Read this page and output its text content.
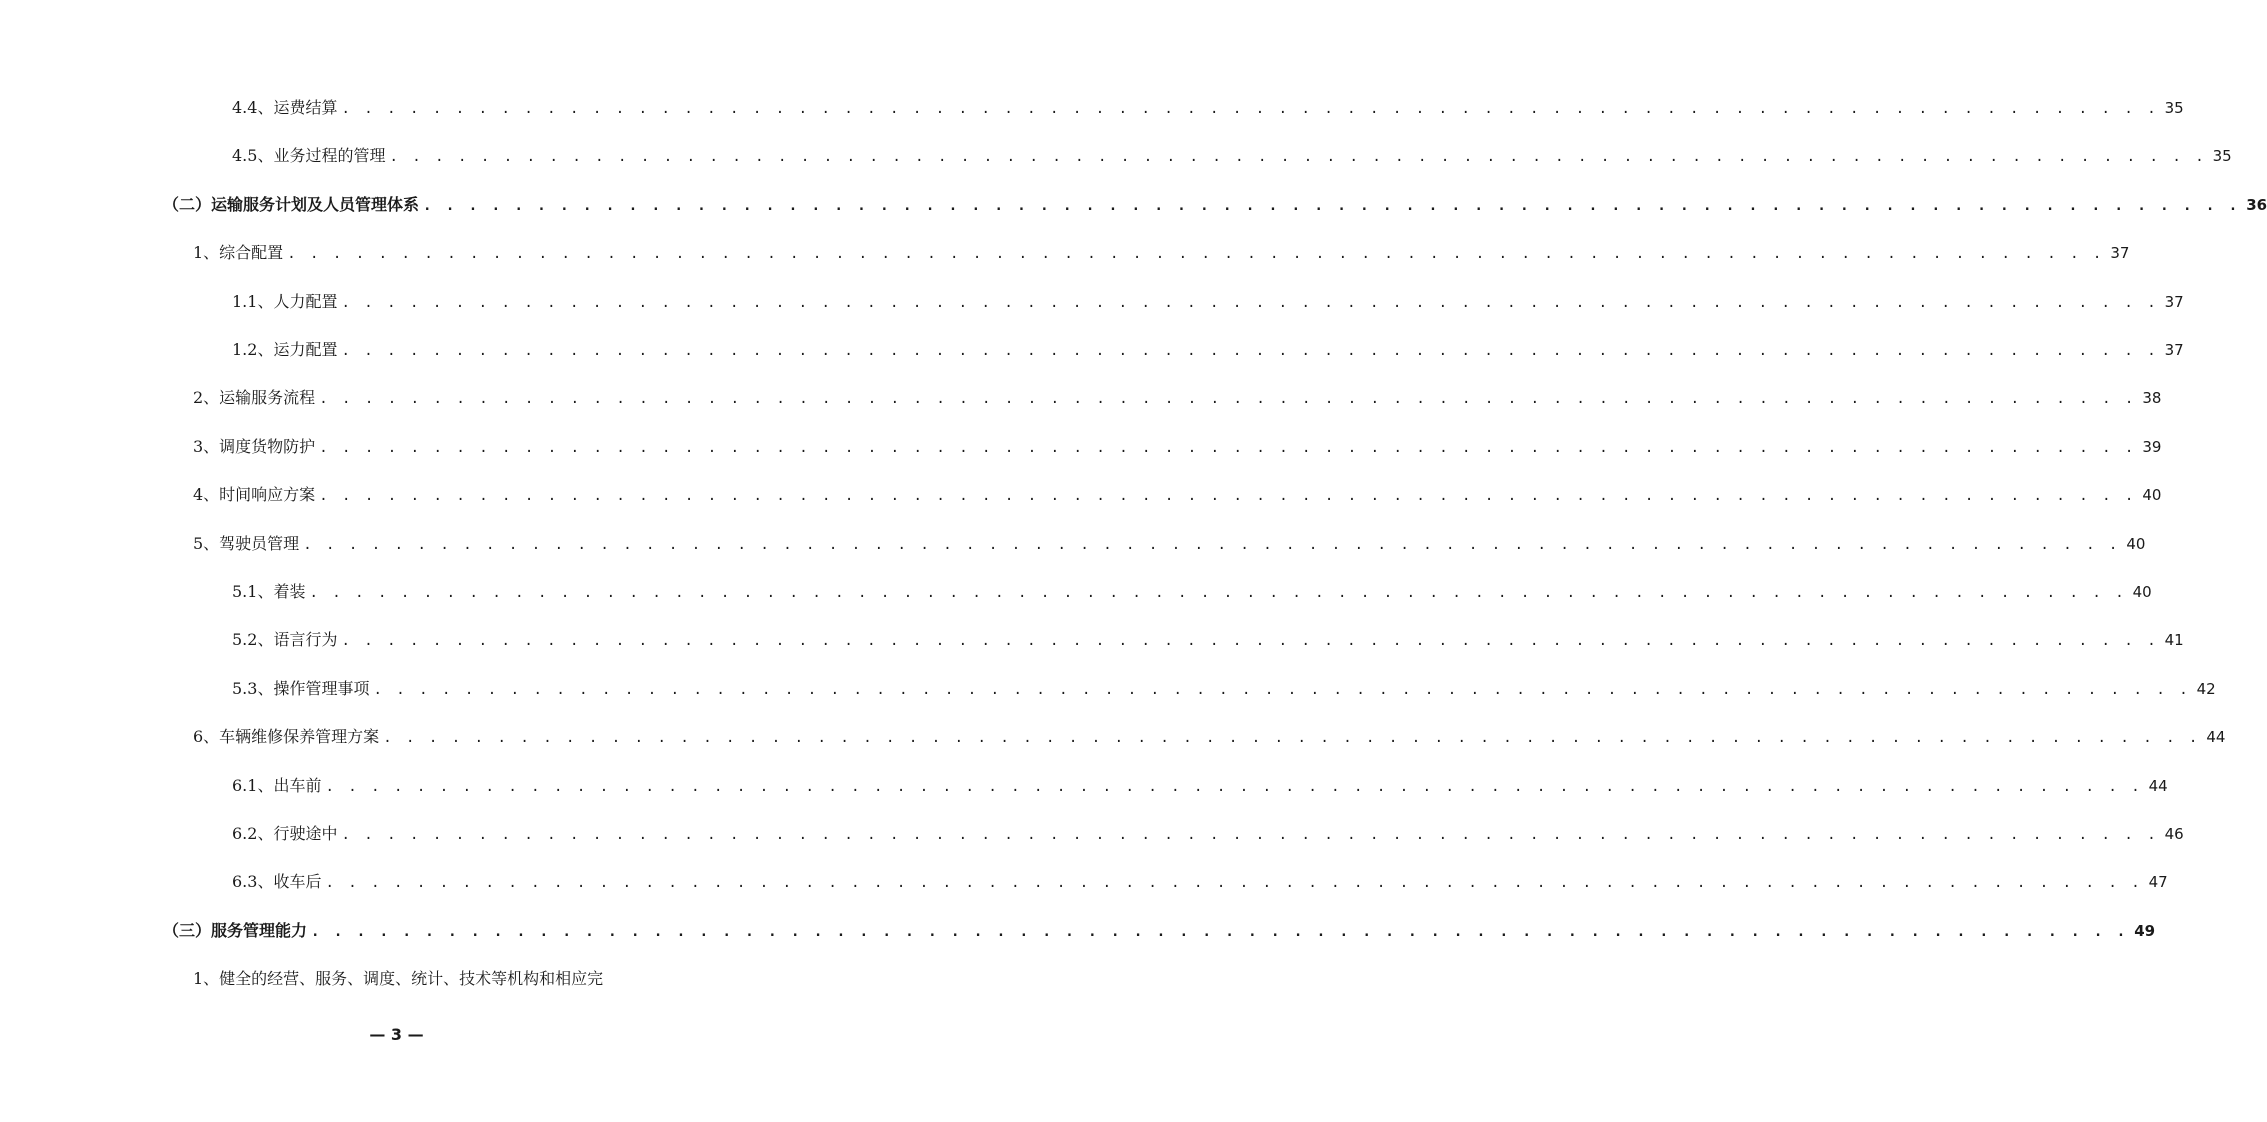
4.4、运费结算 . . . . . . . . . . . . . . . . . . . . . . . . . . . . . . . . . . . . . . . . . . . . . . . . . . . . . . . . . . . . . . . . . . . . . . . . . . . . . . . . 35
4.5、业务过程的管理 . . . . . . . . . . . . . . . . . . . . . . . . . . . . . . . . . . . . . . . . . . . . . . . . . . . . . . . . . . . . . . . . . . . . . . . . . . . . . . . . 35
（二）运输服务计划及人员管理体系 . . . . . . . . . . . . . . . . . . . . . . . . . . . . . . . . . . . . . . . . . . . . . . . . . . . . . . . . . . . . . . . . . . . . . . . . . . . . . . . . 36
1、综合配置 . . . . . . . . . . . . . . . . . . . . . . . . . . . . . . . . . . . . . . . . . . . . . . . . . . . . . . . . . . . . . . . . . . . . . . . . . . . . . . . . 37
1.1、人力配置 . . . . . . . . . . . . . . . . . . . . . . . . . . . . . . . . . . . . . . . . . . . . . . . . . . . . . . . . . . . . . . . . . . . . . . . . . . . . . . . . 37
1.2、运力配置 . . . . . . . . . . . . . . . . . . . . . . . . . . . . . . . . . . . . . . . . . . . . . . . . . . . . . . . . . . . . . . . . . . . . . . . . . . . . . . . . 37
2、运输服务流程 . . . . . . . . . . . . . . . . . . . . . . . . . . . . . . . . . . . . . . . . . . . . . . . . . . . . . . . . . . . . . . . . . . . . . . . . . . . . . . . . 38
3、调度货物防护 . . . . . . . . . . . . . . . . . . . . . . . . . . . . . . . . . . . . . . . . . . . . . . . . . . . . . . . . . . . . . . . . . . . . . . . . . . . . . . . . 39
4、时间响应方案 . . . . . . . . . . . . . . . . . . . . . . . . . . . . . . . . . . . . . . . . . . . . . . . . . . . . . . . . . . . . . . . . . . . . . . . . . . . . . . . . 40
5、驾驶员管理 . . . . . . . . . . . . . . . . . . . . . . . . . . . . . . . . . . . . . . . . . . . . . . . . . . . . . . . . . . . . . . . . . . . . . . . . . . . . . . . . 40
5.1、着装 . . . . . . . . . . . . . . . . . . . . . . . . . . . . . . . . . . . . . . . . . . . . . . . . . . . . . . . . . . . . . . . . . . . . . . . . . . . . . . . . 40
5.2、语言行为 . . . . . . . . . . . . . . . . . . . . . . . . . . . . . . . . . . . . . . . . . . . . . . . . . . . . . . . . . . . . . . . . . . . . . . . . . . . . . . . . 41
5.3、操作管理事项 . . . . . . . . . . . . . . . . . . . . . . . . . . . . . . . . . . . . . . . . . . . . . . . . . . . . . . . . . . . . . . . . . . . . . . . . . . . . . . . . 42
6、车辆维修保养管理方案 . . . . . . . . . . . . . . . . . . . . . . . . . . . . . . . . . . . . . . . . . . . . . . . . . . . . . . . . . . . . . . . . . . . . . . . . . . . . . . . . 44
6.1、出车前 . . . . . . . . . . . . . . . . . . . . . . . . . . . . . . . . . . . . . . . . . . . . . . . . . . . . . . . . . . . . . . . . . . . . . . . . . . . . . . . . 44
6.2、行驶途中 . . . . . . . . . . . . . . . . . . . . . . . . . . . . . . . . . . . . . . . . . . . . . . . . . . . . . . . . . . . . . . . . . . . . . . . . . . . . . . . . 46
6.3、收车后 . . . . . . . . . . . . . . . . . . . . . . . . . . . . . . . . . . . . . . . . . . . . . . . . . . . . . . . . . . . . . . . . . . . . . . . . . . . . . . . . 47
（三）服务管理能力 . . . . . . . . . . . . . . . . . . . . . . . . . . . . . . . . . . . . . . . . . . . . . . . . . . . . . . . . . . . . . . . . . . . . . . . . . . . . . . . . 49
1、健全的经营、服务、调度、统计、技术等机构和相应完
— 3 —
